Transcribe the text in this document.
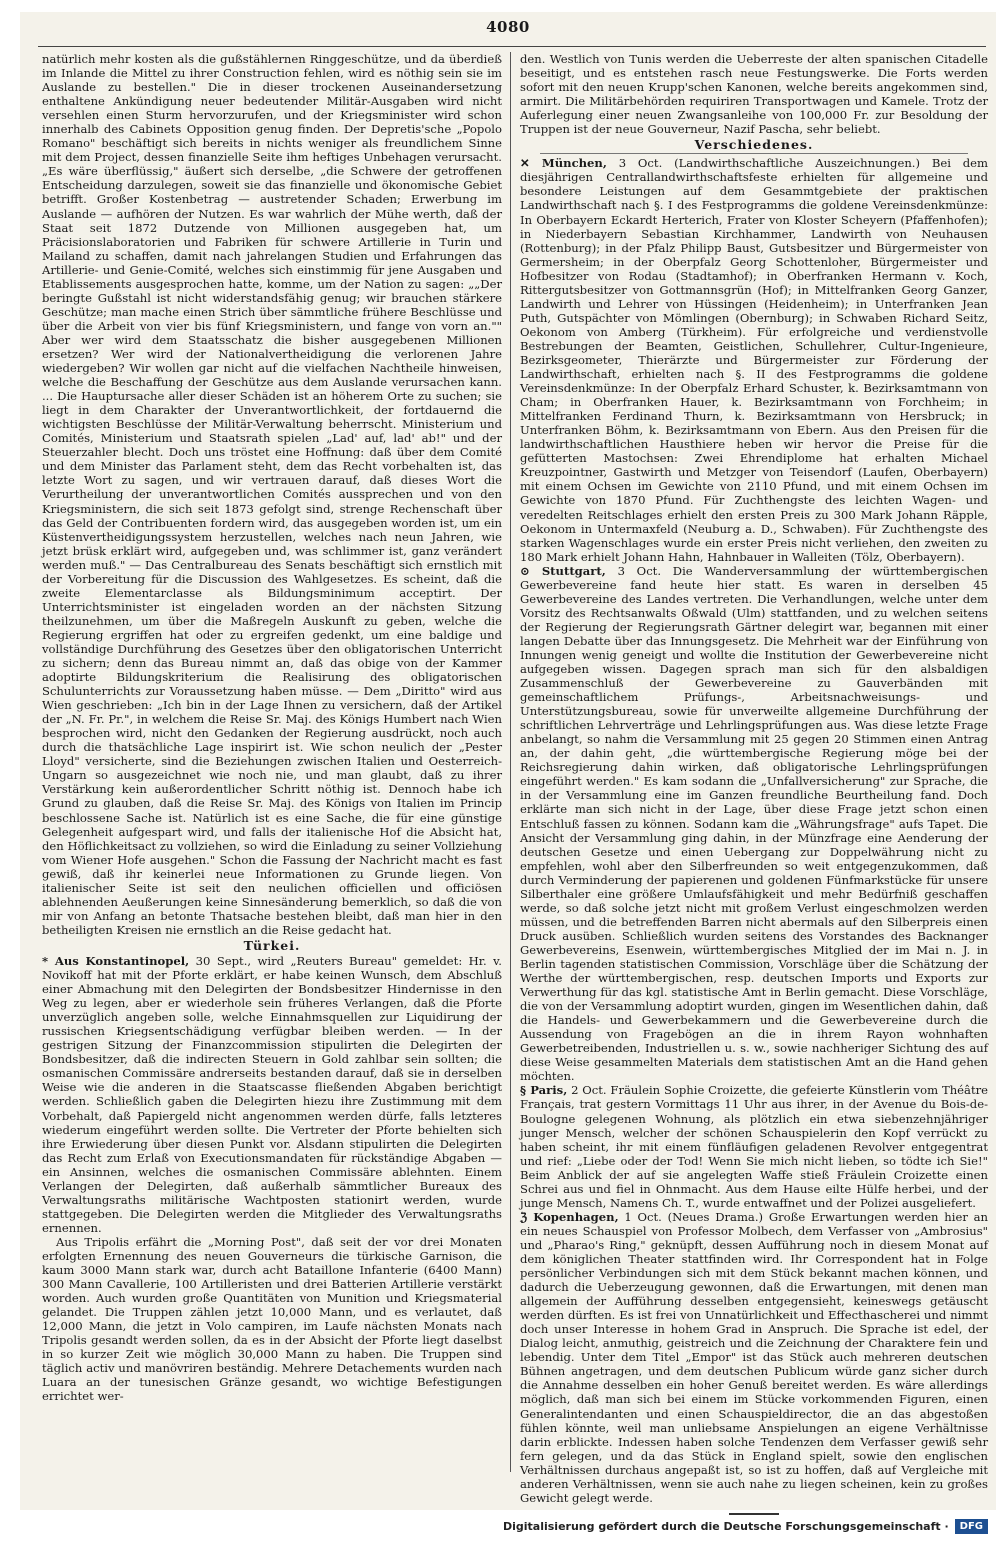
4080

natürlich mehr kosten als die gußstählernen Ringgeschütze, und da überdieß im Inlande die Mittel zu ihrer Construction fehlen, wird es nöthig sein sie im Auslande zu bestellen." Die in dieser trockenen Auseinandersetzung enthaltene Ankündigung neuer bedeutender Militär-Ausgaben wird nicht versehlen einen Sturm hervorzurufen, und der Kriegsminister wird schon innerhalb des Cabinets Opposition genug finden. Der Depretis'sche „Popolo Romano" beschäftigt sich bereits in nichts weniger als freundlichem Sinne mit dem Project, dessen finanzielle Seite ihm heftiges Unbehagen verursacht. „Es wäre überflüssig," äußert sich derselbe, „die Schwere der getroffenen Entscheidung darzulegen, soweit sie das finanzielle und ökonomische Gebiet betrifft. Großer Kostenbetrag — austretender Schaden; Erwerbung im Auslande — aufhören der Nutzen. Es war wahrlich der Mühe werth, daß der Staat seit 1872 Dutzende von Millionen ausgegeben hat, um Präcisionslaboratorien und Fabriken für schwere Artillerie in Turin und Mailand zu schaffen, damit nach jahrelangen Studien und Erfahrungen das Artillerie- und Genie-Comité, welches sich einstimmig für jene Ausgaben und Etablissements ausgesprochen hatte, komme, um der Nation zu sagen: „„Der beringte Gußstahl ist nicht widerstandsfähig genug; wir brauchen stärkere Geschütze; man mache einen Strich über sämmtliche frühere Beschlüsse und über die Arbeit von vier bis fünf Kriegsministern, und fange von vorn an."" Aber wer wird dem Staatsschatz die bisher ausgegebenen Millionen ersetzen? Wer wird der Nationalvertheidigung die verlorenen Jahre wiedergeben? Wir wollen gar nicht auf die vielfachen Nachtheile hinweisen, welche die Beschaffung der Geschütze aus dem Auslande verursachen kann. ... Die Hauptursache aller dieser Schäden ist an höherem Orte zu suchen; sie liegt in dem Charakter der Unverantwortlichkeit, der fortdauernd die wichtigsten Beschlüsse der Militär-Verwaltung beherrscht. Ministerium und Comités, Ministerium und Staatsrath spielen „Lad' auf, lad' ab!" und der Steuerzahler blecht. Doch uns tröstet eine Hoffnung: daß über dem Comité und dem Minister das Parlament steht, dem das Recht vorbehalten ist, das letzte Wort zu sagen, und wir vertrauen darauf, daß dieses Wort die Verurtheilung der unverantwortlichen Comités aussprechen und von den Kriegsministern, die sich seit 1873 gefolgt sind, strenge Rechenschaft über das Geld der Contribuenten fordern wird, das ausgegeben worden ist, um ein Küstenvertheidigungssystem herzustellen, welches nach neun Jahren, wie jetzt brüsk erklärt wird, aufgegeben und, was schlimmer ist, ganz verändert werden muß." — Das Centralbureau des Senats beschäftigt sich ernstlich mit der Vorbereitung für die Discussion des Wahlgesetzes. Es scheint, daß die zweite Elementarclasse als Bildungsminimum acceptirt. Der Unterrichtsminister ist eingeladen worden an der nächsten Sitzung theilzunehmen, um über die Maßregeln Auskunft zu geben, welche die Regierung ergriffen hat oder zu ergreifen gedenkt, um eine baldige und vollständige Durchführung des Gesetzes über den obligatorischen Unterricht zu sichern; denn das Bureau nimmt an, daß das obige von der Kammer adoptirte Bildungskriterium die Realisirung des obligatorischen Schulunterrichts zur Voraussetzung haben müsse. — Dem „Diritto" wird aus Wien geschrieben: „Ich bin in der Lage Ihnen zu versichern, daß der Artikel der „N. Fr. Pr.", in welchem die Reise Sr. Maj. des Königs Humbert nach Wien besprochen wird, nicht den Gedanken der Regierung ausdrückt, noch auch durch die thatsächliche Lage inspirirt ist. Wie schon neulich der „Pester Lloyd" versicherte, sind die Beziehungen zwischen Italien und Oesterreich-Ungarn so ausgezeichnet wie noch nie, und man glaubt, daß zu ihrer Verstärkung kein außerordentlicher Schritt nöthig ist. Dennoch habe ich Grund zu glauben, daß die Reise Sr. Maj. des Königs von Italien im Princip beschlossene Sache ist. Natürlich ist es eine Sache, die für eine günstige Gelegenheit aufgespart wird, und falls der italienische Hof die Absicht hat, den Höflichkeitsact zu vollziehen, so wird die Einladung zu seiner Vollziehung vom Wiener Hofe ausgehen." Schon die Fassung der Nachricht macht es fast gewiß, daß ihr keinerlei neue Informationen zu Grunde liegen. Von italienischer Seite ist seit den neulichen officiellen und officiösen ablehnenden Aeußerungen keine Sinnesänderung bemerklich, so daß die von mir von Anfang an betonte Thatsache bestehen bleibt, daß man hier in den betheiligten Kreisen nie ernstlich an die Reise gedacht hat.

Türkei.

* Aus Konstantinopel, 30 Sept., wird „Reuters Bureau" gemeldet: Hr. v. Novikoff hat mit der Pforte erklärt, er habe keinen Wunsch, dem Abschluß einer Abmachung mit den Delegirten der Bondsbesitzer Hindernisse in den Weg zu legen, aber er wiederhole sein früheres Verlangen, daß die Pforte unverzüglich angeben solle, welche Einnahmsquellen zur Liquidirung der russischen Kriegsentschädigung verfügbar bleiben werden. — In der gestrigen Sitzung der Finanzcommission stipulirten die Delegirten der Bondsbesitzer, daß die indirecten Steuern in Gold zahlbar sein sollten; die osmanischen Commissäre andrerseits bestanden darauf, daß sie in derselben Weise wie die anderen in die Staatscasse fließenden Abgaben berichtigt werden. Schließlich gaben die Delegirten hiezu ihre Zustimmung mit dem Vorbehalt, daß Papiergeld nicht angenommen werden dürfe, falls letzteres wiederum eingeführt werden sollte. Die Vertreter der Pforte behielten sich ihre Erwiederung über diesen Punkt vor. Alsdann stipulirten die Delegirten das Recht zum Erlaß von Executionsmandaten für rückständige Abgaben — ein Ansinnen, welches die osmanischen Commissäre ablehnten. Einem Verlangen der Delegirten, daß außerhalb sämmtlicher Bureaux des Verwaltungsraths militärische Wachtposten stationirt werden, wurde stattgegeben. Die Delegirten werden die Mitglieder des Verwaltungsraths ernennen.

Aus Tripolis erfährt die „Morning Post", daß seit der vor drei Monaten erfolgten Ernennung des neuen Gouverneurs die türkische Garnison, die kaum 3000 Mann stark war, durch acht Bataillone Infanterie (6400 Mann) 300 Mann Cavallerie, 100 Artilleristen und drei Batterien Artillerie verstärkt worden. Auch wurden große Quantitäten von Munition und Kriegsmaterial gelandet. Die Truppen zählen jetzt 10,000 Mann, und es verlautet, daß 12,000 Mann, die jetzt in Volo campiren, im Laufe nächsten Monats nach Tripolis gesandt werden sollen, da es in der Absicht der Pforte liegt daselbst in so kurzer Zeit wie möglich 30,000 Mann zu haben. Die Truppen sind täglich activ und manövriren beständig. Mehrere Detachements wurden nach Luara an der tunesischen Gränze gesandt, wo wichtige Befestigungen errichtet wer-

den. Westlich von Tunis werden die Ueberreste der alten spanischen Citadelle beseitigt, und es entstehen rasch neue Festungswerke. Die Forts werden sofort mit den neuen Krupp'schen Kanonen, welche bereits angekommen sind, armirt. Die Militärbehörden requiriren Transportwagen und Kamele. Trotz der Auferlegung einer neuen Zwangsanleihe von 100,000 Fr. zur Besoldung der Truppen ist der neue Gouverneur, Nazif Pascha, sehr beliebt.

Verschiedenes.

✕ München, 3 Oct. (Landwirthschaftliche Auszeichnungen.) Bei dem diesjährigen Centrallandwirthschaftsfeste erhielten für allgemeine und besondere Leistungen auf dem Gesammtgebiete der praktischen Landwirthschaft nach §. I des Festprogramms die goldene Vereinsdenkmünze: In Oberbayern Eckardt Herterich, Frater von Kloster Scheyern (Pfaffenhofen); in Niederbayern Sebastian Kirchhammer, Landwirth von Neuhausen (Rottenburg); in der Pfalz Philipp Baust, Gutsbesitzer und Bürgermeister von Germersheim; in der Oberpfalz Georg Schottenloher, Bürgermeister und Hofbesitzer von Rodau (Stadtamhof); in Oberfranken Hermann v. Koch, Rittergutsbesitzer von Gottmannsgrün (Hof); in Mittelfranken Georg Ganzer, Landwirth und Lehrer von Hüssingen (Heidenheim); in Unterfranken Jean Puth, Gutspächter von Mömlingen (Obernburg); in Schwaben Richard Seitz, Oekonom von Amberg (Türkheim). Für erfolgreiche und verdienstvolle Bestrebungen der Beamten, Geistlichen, Schullehrer, Cultur-Ingenieure, Bezirksgeometer, Thierärzte und Bürgermeister zur Förderung der Landwirthschaft, erhielten nach §. II des Festprogramms die goldene Vereinsdenkmünze: In der Oberpfalz Erhard Schuster, k. Bezirksamtmann von Cham; in Oberfranken Hauer, k. Bezirksamtmann von Forchheim; in Mittelfranken Ferdinand Thurn, k. Bezirksamtmann von Hersbruck; in Unterfranken Böhm, k. Bezirksamtmann von Ebern. Aus den Preisen für die landwirthschaftlichen Hausthiere heben wir hervor die Preise für die gefütterten Mastochsen: Zwei Ehrendiplome hat erhalten Michael Kreuzpointner, Gastwirth und Metzger von Teisendorf (Laufen, Oberbayern) mit einem Ochsen im Gewichte von 2110 Pfund, und mit einem Ochsen im Gewichte von 1870 Pfund. Für Zuchthengste des leichten Wagen- und veredelten Reitschlages erhielt den ersten Preis zu 300 Mark Johann Räpple, Oekonom in Untermaxfeld (Neuburg a. D., Schwaben). Für Zuchthengste des starken Wagenschlages wurde ein erster Preis nicht verliehen, den zweiten zu 180 Mark erhielt Johann Hahn, Hahnbauer in Walleiten (Tölz, Oberbayern).

⊙ Stuttgart, 3 Oct. Die Wanderversammlung der württembergischen Gewerbevereine fand heute hier statt. Es waren in derselben 45 Gewerbevereine des Landes vertreten. Die Verhandlungen, welche unter dem Vorsitz des Rechtsanwalts Oßwald (Ulm) stattfanden, und zu welchen seitens der Regierung der Regierungsrath Gärtner delegirt war, begannen mit einer langen Debatte über das Innungsgesetz. Die Mehrheit war der Einführung von Innungen wenig geneigt und wollte die Institution der Gewerbevereine nicht aufgegeben wissen. Dagegen sprach man sich für den alsbaldigen Zusammenschluß der Gewerbevereine zu Gauverbänden mit gemeinschaftlichem Prüfungs-, Arbeitsnachweisungs- und Unterstützungsbureau, sowie für unverweilte allgemeine Durchführung der schriftlichen Lehrverträge und Lehrlingsprüfungen aus. Was diese letzte Frage anbelangt, so nahm die Versammlung mit 25 gegen 20 Stimmen einen Antrag an, der dahin geht, „die württembergische Regierung möge bei der Reichsregierung dahin wirken, daß obligatorische Lehrlingsprüfungen eingeführt werden." Es kam sodann die „Unfallversicherung" zur Sprache, die in der Versammlung eine im Ganzen freundliche Beurtheilung fand. Doch erklärte man sich nicht in der Lage, über diese Frage jetzt schon einen Entschluß fassen zu können. Sodann kam die „Währungsfrage" aufs Tapet. Die Ansicht der Versammlung ging dahin, in der Münzfrage eine Aenderung der deutschen Gesetze und einen Uebergang zur Doppelwährung nicht zu empfehlen, wohl aber den Silberfreunden so weit entgegenzukommen, daß durch Verminderung der papierenen und goldenen Fünfmarkstücke für unsere Silberthaler eine größere Umlaufsfähigkeit und mehr Bedürfniß geschaffen werde, so daß solche jetzt nicht mit großem Verlust eingeschmolzen werden müssen, und die betreffenden Barren nicht abermals auf den Silberpreis einen Druck ausüben. Schließlich wurden seitens des Vorstandes des Backnanger Gewerbevereins, Esenwein, württembergisches Mitglied der im Mai n. J. in Berlin tagenden statistischen Commission, Vorschläge über die Schätzung der Werthe der württembergischen, resp. deutschen Imports und Exports zur Verwerthung für das kgl. statistische Amt in Berlin gemacht. Diese Vorschläge, die von der Versammlung adoptirt wurden, gingen im Wesentlichen dahin, daß die Handels- und Gewerbekammern und die Gewerbevereine durch die Aussendung von Fragebögen an die in ihrem Rayon wohnhaften Gewerbetreibenden, Industriellen u. s. w., sowie nachheriger Sichtung des auf diese Weise gesammelten Materials dem statistischen Amt an die Hand gehen möchten.

§ Paris, 2 Oct. Fräulein Sophie Croizette, die gefeierte Künstlerin vom Théâtre Français, trat gestern Vormittags 11 Uhr aus ihrer, in der Avenue du Bois-de-Boulogne gelegenen Wohnung, als plötzlich ein etwa siebenzehnjähriger junger Mensch, welcher der schönen Schauspielerin den Kopf verrückt zu haben scheint, ihr mit einem fünfläufigen geladenen Revolver entgegentrat und rief: „Liebe oder der Tod! Wenn Sie mich nicht lieben, so tödte ich Sie!" Beim Anblick der auf sie angelegten Waffe stieß Fräulein Croizette einen Schrei aus und fiel in Ohnmacht. Aus dem Hause eilte Hülfe herbei, und der junge Mensch, Namens Ch. T., wurde entwaffnet und der Polizei ausgeliefert.

ℨ Kopenhagen, 1 Oct. (Neues Drama.) Große Erwartungen werden hier an ein neues Schauspiel von Professor Molbech, dem Verfasser von „Ambrosius" und „Pharao's Ring," geknüpft, dessen Aufführung noch in diesem Monat auf dem königlichen Theater stattfinden wird. Ihr Correspondent hat in Folge persönlicher Verbindungen sich mit dem Stück bekannt machen können, und dadurch die Ueberzeugung gewonnen, daß die Erwartungen, mit denen man allgemein der Aufführung desselben entgegensieht, keineswegs getäuscht werden dürften. Es ist frei von Unnatürlichkeit und Effecthascherei und nimmt doch unser Interesse in hohem Grad in Anspruch. Die Sprache ist edel, der Dialog leicht, anmuthig, geistreich und die Zeichnung der Charaktere fein und lebendig. Unter dem Titel „Empor" ist das Stück auch mehreren deutschen Bühnen angetragen, und dem deutschen Publicum würde ganz sicher durch die Annahme desselben ein hoher Genuß bereitet werden. Es wäre allerdings möglich, daß man sich bei einem im Stücke vorkommenden Figuren, einen Generalintendanten und einen Schauspieldirector, die an das abgestoßen fühlen könnte, weil man unliebsame Anspielungen an eigene Verhältnisse darin erblickte. Indessen haben solche Tendenzen dem Verfasser gewiß sehr fern gelegen, und da das Stück in England spielt, sowie den englischen Verhältnissen durchaus angepaßt ist, so ist zu hoffen, daß auf Vergleiche mit anderen Verhältnissen, wenn sie auch nahe zu liegen scheinen, kein zu großes Gewicht gelegt werde.

Digitalisierung gefördert durch die Deutsche Forschungsgemeinschaft ·	DFG
